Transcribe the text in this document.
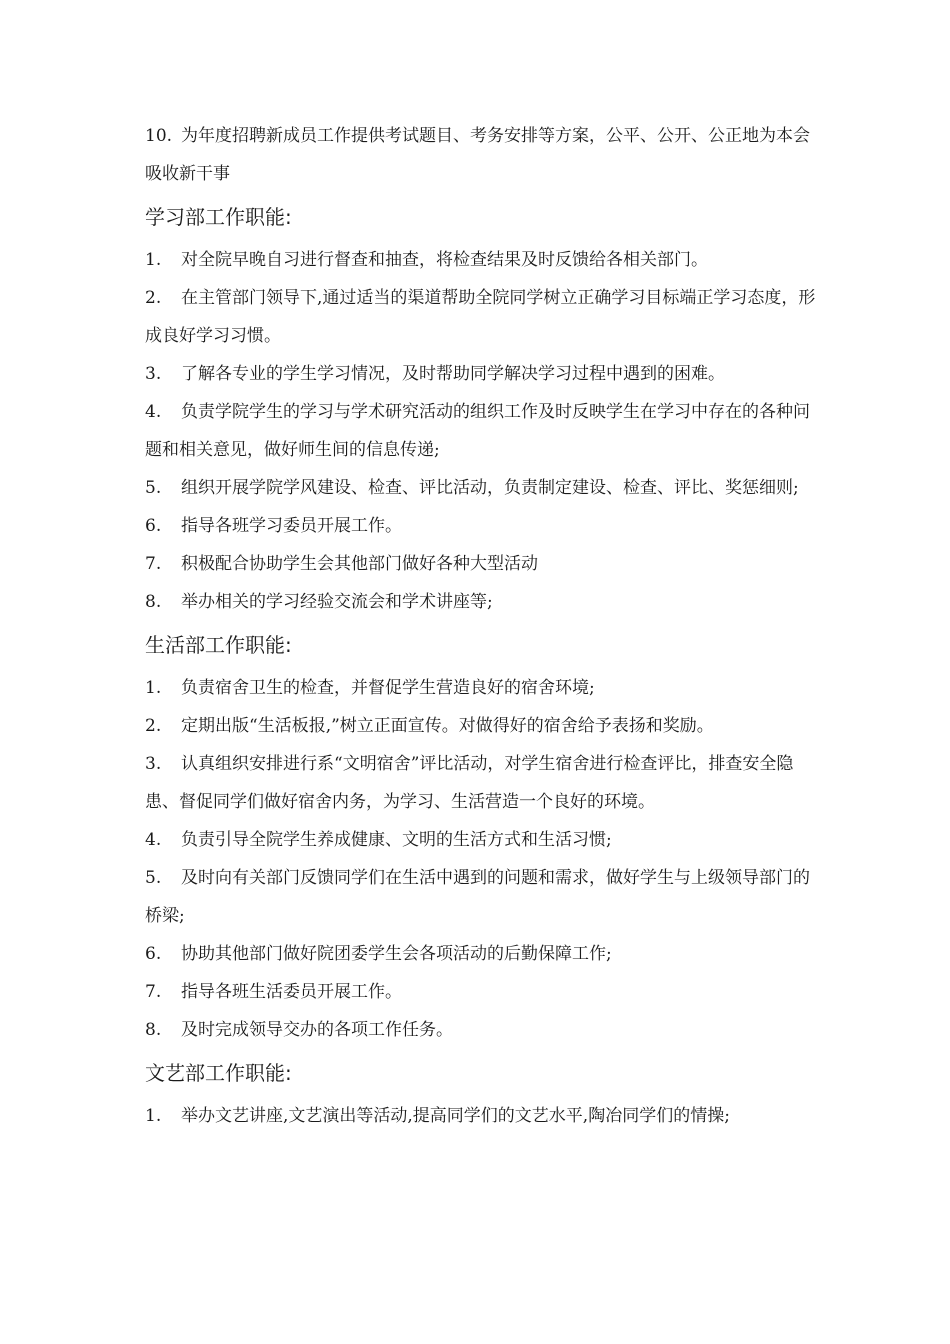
10. 为年度招聘新成员工作提供考试题目、考务安排等方案，公平、公开、公正地为本会吸收新干事

学习部工作职能:

1. 对全院早晚自习进行督查和抽查，将检查结果及时反馈给各相关部门。

2. 在主管部门领导下,通过适当的渠道帮助全院同学树立正确学习目标端正学习态度，形成良好学习习惯。

3. 了解各专业的学生学习情况，及时帮助同学解决学习过程中遇到的困难。

4. 负责学院学生的学习与学术研究活动的组织工作及时反映学生在学习中存在的各种问题和相关意见，做好师生间的信息传递;

5. 组织开展学院学风建设、检查、评比活动，负责制定建设、检查、评比、奖惩细则;

6. 指导各班学习委员开展工作。

7. 积极配合协助学生会其他部门做好各种大型活动

8. 举办相关的学习经验交流会和学术讲座等;

生活部工作职能:

1. 负责宿舍卫生的检查，并督促学生营造良好的宿舍环境;

2. 定期出版“生活板报,”树立正面宣传。对做得好的宿舍给予表扬和奖励。

3. 认真组织安排进行系“文明宿舍”评比活动，对学生宿舍进行检查评比，排查安全隐患、督促同学们做好宿舍内务，为学习、生活营造一个良好的环境。

4. 负责引导全院学生养成健康、文明的生活方式和生活习惯;

5. 及时向有关部门反馈同学们在生活中遇到的问题和需求，做好学生与上级领导部门的桥梁;

6. 协助其他部门做好院团委学生会各项活动的后勤保障工作;

7. 指导各班生活委员开展工作。

8. 及时完成领导交办的各项工作任务。

文艺部工作职能:

1. 举办文艺讲座,文艺演出等活动,提高同学们的文艺水平,陶冶同学们的情操;
